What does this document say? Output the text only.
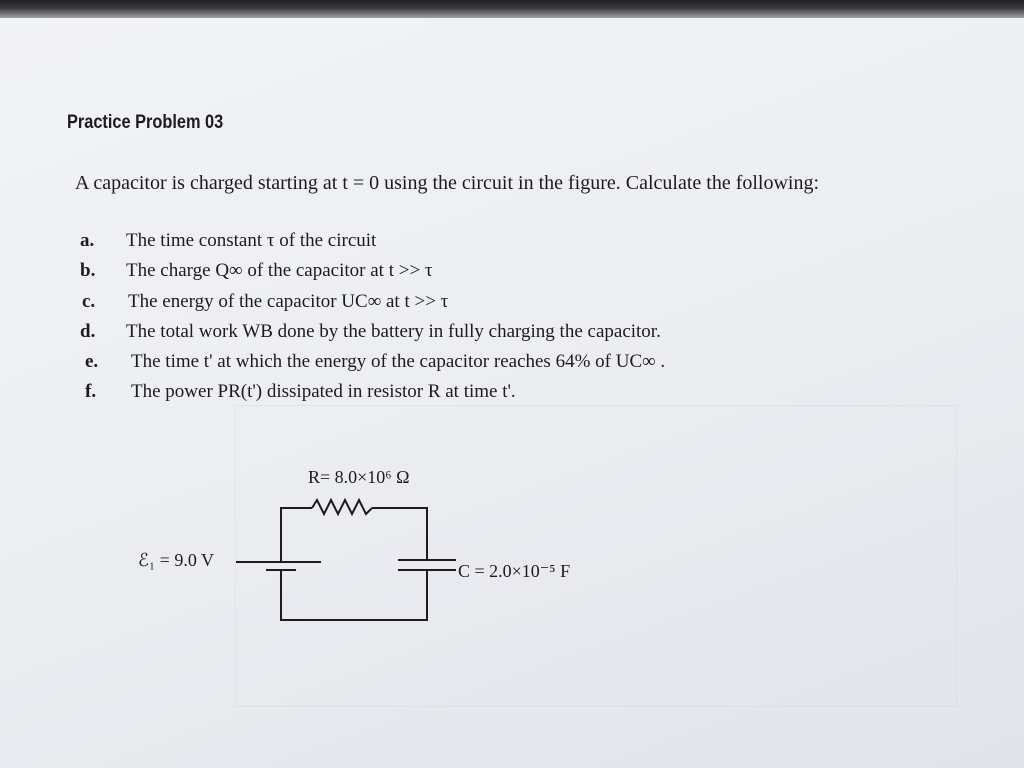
Practice Problem 03
A capacitor is charged starting at t = 0 using the circuit in the figure. Calculate the following:
a. The time constant τ of the circuit
b. The charge Q∞ of the capacitor at t >> τ
c. The energy of the capacitor UC∞ at t >> τ
d. The total work WB done by the battery in fully charging the capacitor.
e. The time t' at which the energy of the capacitor reaches 64% of UC∞ .
f. The power PR(t') dissipated in resistor R at time t'.
R= 8.0×10⁶ Ω
ℰ₁ = 9.0 V
C = 2.0×10⁻⁵ F
